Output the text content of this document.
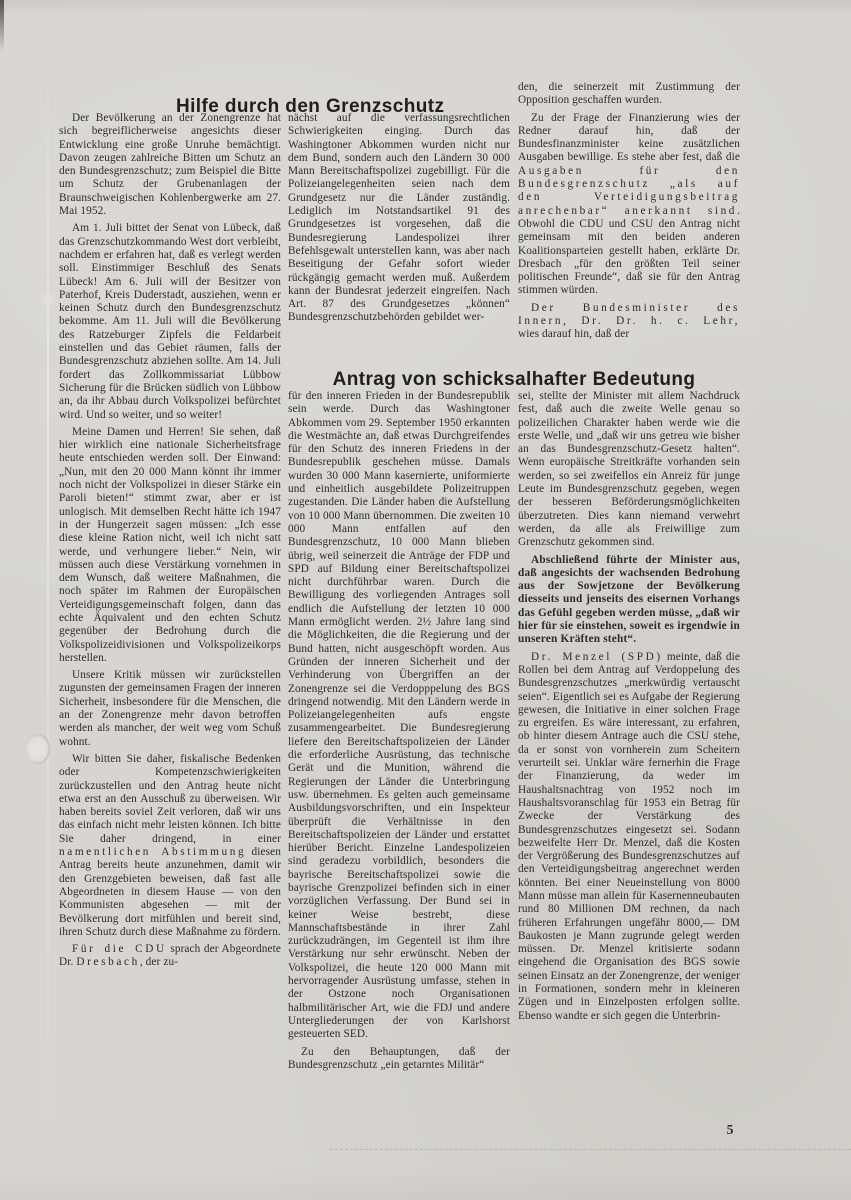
Hilfe durch den Grenzschutz
Antrag von schicksalhafter Bedeutung

Der Bevölkerung an der Zonengrenze hat sich begreiflicherweise angesichts dieser Entwicklung eine große Unruhe bemächtigt. Davon zeugen zahlreiche Bitten um Schutz an den Bundesgrenzschutz; zum Beispiel die Bitte um Schutz der Grubenanlagen der Braunschweigischen Kohlenbergwerke am 27. Mai 1952.

Am 1. Juli bittet der Senat von Lübeck, daß das Grenzschutzkommando West dort verbleibt, nachdem er erfahren hat, daß es verlegt werden soll. Einstimmiger Beschluß des Senats Lübeck! Am 6. Juli will der Besitzer von Paterhof, Kreis Duderstadt, ausziehen, wenn er keinen Schutz durch den Bundesgrenzschutz bekomme. Am 11. Juli will die Bevölkerung des Ratzeburger Zipfels die Feldarbeit einstellen und das Gebiet räumen, falls der Bundesgrenzschutz abziehen sollte. Am 14. Juli fordert das Zollkommissariat Lübbow Sicherung für die Brücken südlich von Lübbow an, da ihr Abbau durch Volkspolizei befürchtet wird. Und so weiter, und so weiter!

Meine Damen und Herren! Sie sehen, daß hier wirklich eine nationale Sicherheitsfrage heute entschieden werden soll. Der Einwand: „Nun, mit den 20 000 Mann könnt ihr immer noch nicht der Volkspolizei in dieser Stärke ein Paroli bieten!“ stimmt zwar, aber er ist unlogisch. Mit demselben Recht hätte ich 1947 in der Hungerzeit sagen müssen: „Ich esse diese kleine Ration nicht, weil ich nicht satt werde, und verhungere lieber.“ Nein, wir müssen auch diese Verstärkung vornehmen in dem Wunsch, daß weitere Maßnahmen, die noch später im Rahmen der Europäischen Verteidigungsgemeinschaft folgen, dann das echte Äquivalent und den echten Schutz gegenüber der Bedrohung durch die Volkspolizeidivisionen und Volkspolizeikorps herstellen.

Unsere Kritik müssen wir zurückstellen zugunsten der gemeinsamen Fragen der inneren Sicherheit, insbesondere für die Menschen, die an der Zonengrenze mehr davon betroffen werden als mancher, der weit weg vom Schuß wohnt.

Wir bitten Sie daher, fiskalische Bedenken oder Kompetenzschwierigkeiten zurückzustellen und den Antrag heute nicht etwa erst an den Ausschuß zu überweisen. Wir haben bereits soviel Zeit verloren, daß wir uns das einfach nicht mehr leisten können. Ich bitte Sie daher dringend, in einer namentlichen Abstimmung diesen Antrag bereits heute anzunehmen, damit wir den Grenzgebieten beweisen, daß fast alle Abgeordneten in diesem Hause — von den Kommunisten abgesehen — mit der Bevölkerung dort mitfühlen und bereit sind, ihren Schutz durch diese Maßnahme zu fördern.

Für die CDU sprach der Abgeordnete Dr. Dresbach, der zu-

nächst auf die verfassungsrechtlichen Schwierigkeiten einging. Durch das Washingtoner Abkommen wurden nicht nur dem Bund, sondern auch den Ländern 30 000 Mann Bereitschaftspolizei zugebilligt. Für die Polizeiangelegenheiten seien nach dem Grundgesetz nur die Länder zuständig. Lediglich im Notstandsartikel 91 des Grundgesetzes ist vorgesehen, daß die Bundesregierung Landespolizei ihrer Befehlsgewalt unterstellen kann, was aber nach Beseitigung der Gefahr sofort wieder rückgängig gemacht werden muß. Außerdem kann der Bundesrat jederzeit eingreifen. Nach Art. 87 des Grundgesetzes „können“ Bundesgrenzschutzbehörden gebildet wer-

für den inneren Frieden in der Bundesrepublik sein werde. Durch das Washingtoner Abkommen vom 29. September 1950 erkannten die Westmächte an, daß etwas Durchgreifendes für den Schutz des inneren Friedens in der Bundesrepublik geschehen müsse. Damals wurden 30 000 Mann kasernierte, uniformierte und einheitlich ausgebildete Polizeitruppen zugestanden. Die Länder haben die Aufstellung von 10 000 Mann übernommen. Die zweiten 10 000 Mann entfallen auf den Bundesgrenzschutz, 10 000 Mann blieben übrig, weil seinerzeit die Anträge der FDP und SPD auf Bildung einer Bereitschaftspolizei nicht durchführbar waren. Durch die Bewilligung des vorliegenden Antrages soll endlich die Aufstellung der letzten 10 000 Mann ermöglicht werden. 2½ Jahre lang sind die Möglichkeiten, die die Regierung und der Bund hatten, nicht ausgeschöpft worden. Aus Gründen der inneren Sicherheit und der Verhinderung von Übergriffen an der Zonengrenze sei die Verdopppelung des BGS dringend notwendig. Mit den Ländern werde in Polizeiangelegenheiten aufs engste zusammengearbeitet. Die Bundesregierung liefere den Bereitschaftspolizeien der Länder die erforderliche Ausrüstung, das technische Gerät und die Munition, während die Regierungen der Länder die Unterbringung usw. übernehmen. Es gelten auch gemeinsame Ausbildungsvorschriften, und ein Inspekteur überprüft die Verhältnisse in den Bereitschaftspolizeien der Länder und erstattet hierüber Bericht. Einzelne Landespolizeien sind geradezu vorbildlich, besonders die bayrische Bereitschaftspolizei sowie die bayrische Grenzpolizei befinden sich in einer vorzüglichen Verfassung. Der Bund sei in keiner Weise bestrebt, diese Mannschaftsbestände in ihrer Zahl zurückzudrängen, im Gegenteil ist ihm ihre Verstärkung nur sehr erwünscht. Neben der Volkspolizei, die heute 120 000 Mann mit hervorragender Ausrüstung umfasse, stehen in der Ostzone noch Organisationen halbmilitärischer Art, wie die FDJ und andere Untergliederungen der von Karlshorst gesteuerten SED.

Zu den Behauptungen, daß der Bundesgrenzschutz „ein getarntes Militär“

den, die seinerzeit mit Zustimmung der Opposition geschaffen wurden.

Zu der Frage der Finanzierung wies der Redner darauf hin, daß der Bundesfinanzminister keine zusätzlichen Ausgaben bewillige. Es stehe aber fest, daß die Ausgaben für den Bundesgrenzschutz „als auf den Verteidigungsbeitrag anrechenbar“ anerkannt sind. Obwohl die CDU und CSU den Antrag nicht gemeinsam mit den beiden anderen Koalitionsparteien gestellt haben, erklärte Dr. Dresbach „für den größten Teil seiner politischen Freunde“, daß sie für den Antrag stimmen würden.

Der Bundesminister des Innern, Dr. Dr. h. c. Lehr, wies darauf hin, daß der

sei, stellte der Minister mit allem Nachdruck fest, daß auch die zweite Welle genau so polizeilichen Charakter haben werde wie die erste Welle, und „daß wir uns getreu wie bisher an das Bundesgrenzschutz-Gesetz halten“. Wenn europäische Streitkräfte vorhanden sein werden, so sei zweifellos ein Anreiz für junge Leute im Bundesgrenzschutz gegeben, wegen der besseren Beförderungsmöglichkeiten überzutreten. Dies kann niemand verwehrt werden, da alle als Freiwillige zum Grenzschutz gekommen sind.

Abschließend führte der Minister aus, daß angesichts der wachsenden Bedrohung aus der Sowjetzone der Bevölkerung diesseits und jenseits des eisernen Vorhangs das Gefühl gegeben werden müsse, „daß wir hier für sie einstehen, soweit es irgendwie in unseren Kräften steht“.

Dr. Menzel (SPD) meinte, daß die Rollen bei dem Antrag auf Verdoppelung des Bundesgrenzschutzes „merkwürdig vertauscht seien“. Eigentlich sei es Aufgabe der Regierung gewesen, die Initiative in einer solchen Frage zu ergreifen. Es wäre interessant, zu erfahren, ob hinter diesem Antrage auch die CSU stehe, da er sonst von vornherein zum Scheitern verurteilt sei. Unklar wäre fernerhin die Frage der Finanzierung, da weder im Haushaltsnachtrag von 1952 noch im Haushaltsvoranschlag für 1953 ein Betrag für Zwecke der Verstärkung des Bundesgrenzschutzes eingesetzt sei. Sodann bezweifelte Herr Dr. Menzel, daß die Kosten der Vergrößerung des Bundesgrenzschutzes auf den Verteidigungsbeitrag angerechnet werden könnten. Bei einer Neueinstellung von 8000 Mann müsse man allein für Kasernenneubauten rund 80 Millionen DM rechnen, da nach früheren Erfahrungen ungefähr 8000,— DM Baukosten je Mann zugrunde gelegt werden müssen. Dr. Menzel kritisierte sodann eingehend die Organisation des BGS sowie seinen Einsatz an der Zonengrenze, der weniger in Formationen, sondern mehr in kleineren Zügen und in Einzelposten erfolgen sollte. Ebenso wandte er sich gegen die Unterbrin-

5
